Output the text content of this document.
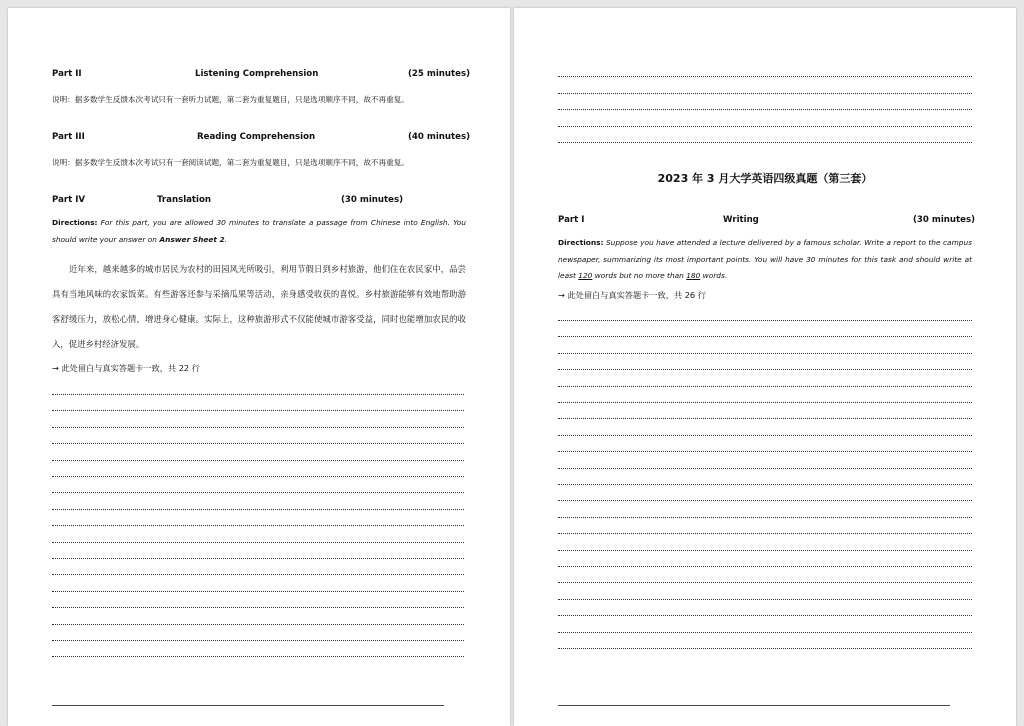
Part II	Listening Comprehension	(25 minutes)
说明：据多数学生反馈本次考试只有一套听力试题，第二套为重复题目，只是选项顺序不同，故不再重复。
Part III	Reading Comprehension	(40 minutes)
说明：据多数学生反馈本次考试只有一套阅读试题，第二套为重复题目，只是选项顺序不同，故不再重复。
Part IV	Translation	(30 minutes)
Directions: For this part, you are allowed 30 minutes to translate a passage from Chinese into English. You should write your answer on Answer Sheet 2.
近年来，越来越多的城市居民为农村的田园风光所吸引，利用节假日到乡村旅游，他们住在农民家中，品尝具有当地风味的农家饭菜。有些游客还参与采摘瓜果等活动，亲身感受收获的喜悦。乡村旅游能够有效地帮助游客舒缓压力，放松心情，增进身心健康。实际上，这种旅游形式不仅能使城市游客受益，同时也能增加农民的收入，促进乡村经济发展。
→ 此处留白与真实答题卡一致，共 22 行
2023 年 3 月大学英语四级真题（第三套）
Part I	Writing	(30 minutes)
Directions: Suppose you have attended a lecture delivered by a famous scholar. Write a report to the campus newspaper, summarizing its most important points. You will have 30 minutes for this task and should write at least 120 words but no more than 180 words.
→ 此处留白与真实答题卡一致，共 26 行
